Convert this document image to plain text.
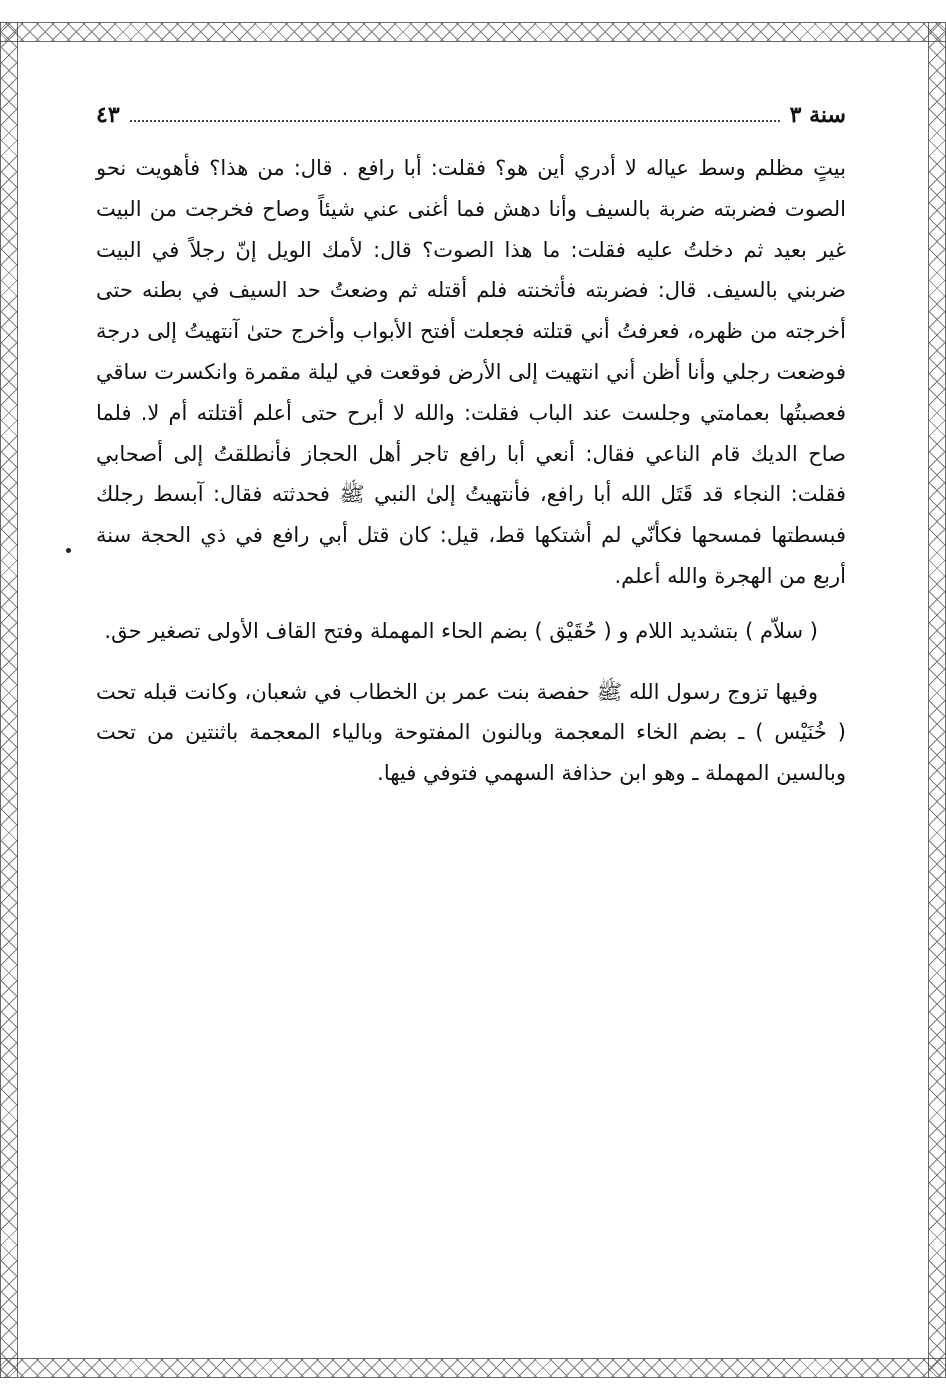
سنة ٣
٤٣

بيتٍ مظلم وسط عياله لا أدري أين هو؟ فقلت: أبا رافع . قال: من هذا؟ فأهويت نحو الصوت فضربته ضربة بالسيف وأنا دهش فما أغنى عني شيئاً وصاح فخرجت من البيت غير بعيد ثم دخلتُ عليه فقلت: ما هذا الصوت؟ قال: لأمك الويل إنّ رجلاً في البيت ضربني بالسيف. قال: فضربته فأثخنته فلم أقتله ثم وضعتُ حد السيف في بطنه حتى أخرجته من ظهره، فعرفتُ أني قتلته فجعلت أفتح الأبواب وأخرج حتىٰ آنتهيتُ إلى درجة فوضعت رجلي وأنا أظن أني انتهيت إلى الأرض فوقعت في ليلة مقمرة وانكسرت ساقي فعصبتُها بعمامتي وجلست عند الباب فقلت: والله لا أبرح حتى أعلم أقتلته أم لا. فلما صاح الديك قام الناعي فقال: أنعي أبا رافع تاجر أهل الحجاز فأنطلقتُ إلى أصحابي فقلت: النجاء قد قَتَل الله أبا رافع، فأنتهيتُ إلىٰ النبي ﷺ فحدثته فقال: آبسط رجلك فبسطتها فمسحها فكأنّي لم أشتكها قط، قيل: كان قتل أبي رافع في ذي الحجة سنة أربع من الهجرة والله أعلم.

( سلاّم ) بتشديد اللام و ( حُقَيْق ) بضم الحاء المهملة وفتح القاف الأولى تصغير حق.

وفيها تزوج رسول الله ﷺ حفصة بنت عمر بن الخطاب في شعبان، وكانت قبله تحت ( خُنَيْس ) ـ بضم الخاء المعجمة وبالنون المفتوحة وبالياء المعجمة باثنتين من تحت وبالسين المهملة ـ وهو ابن حذافة السهمي فتوفي فيها.
